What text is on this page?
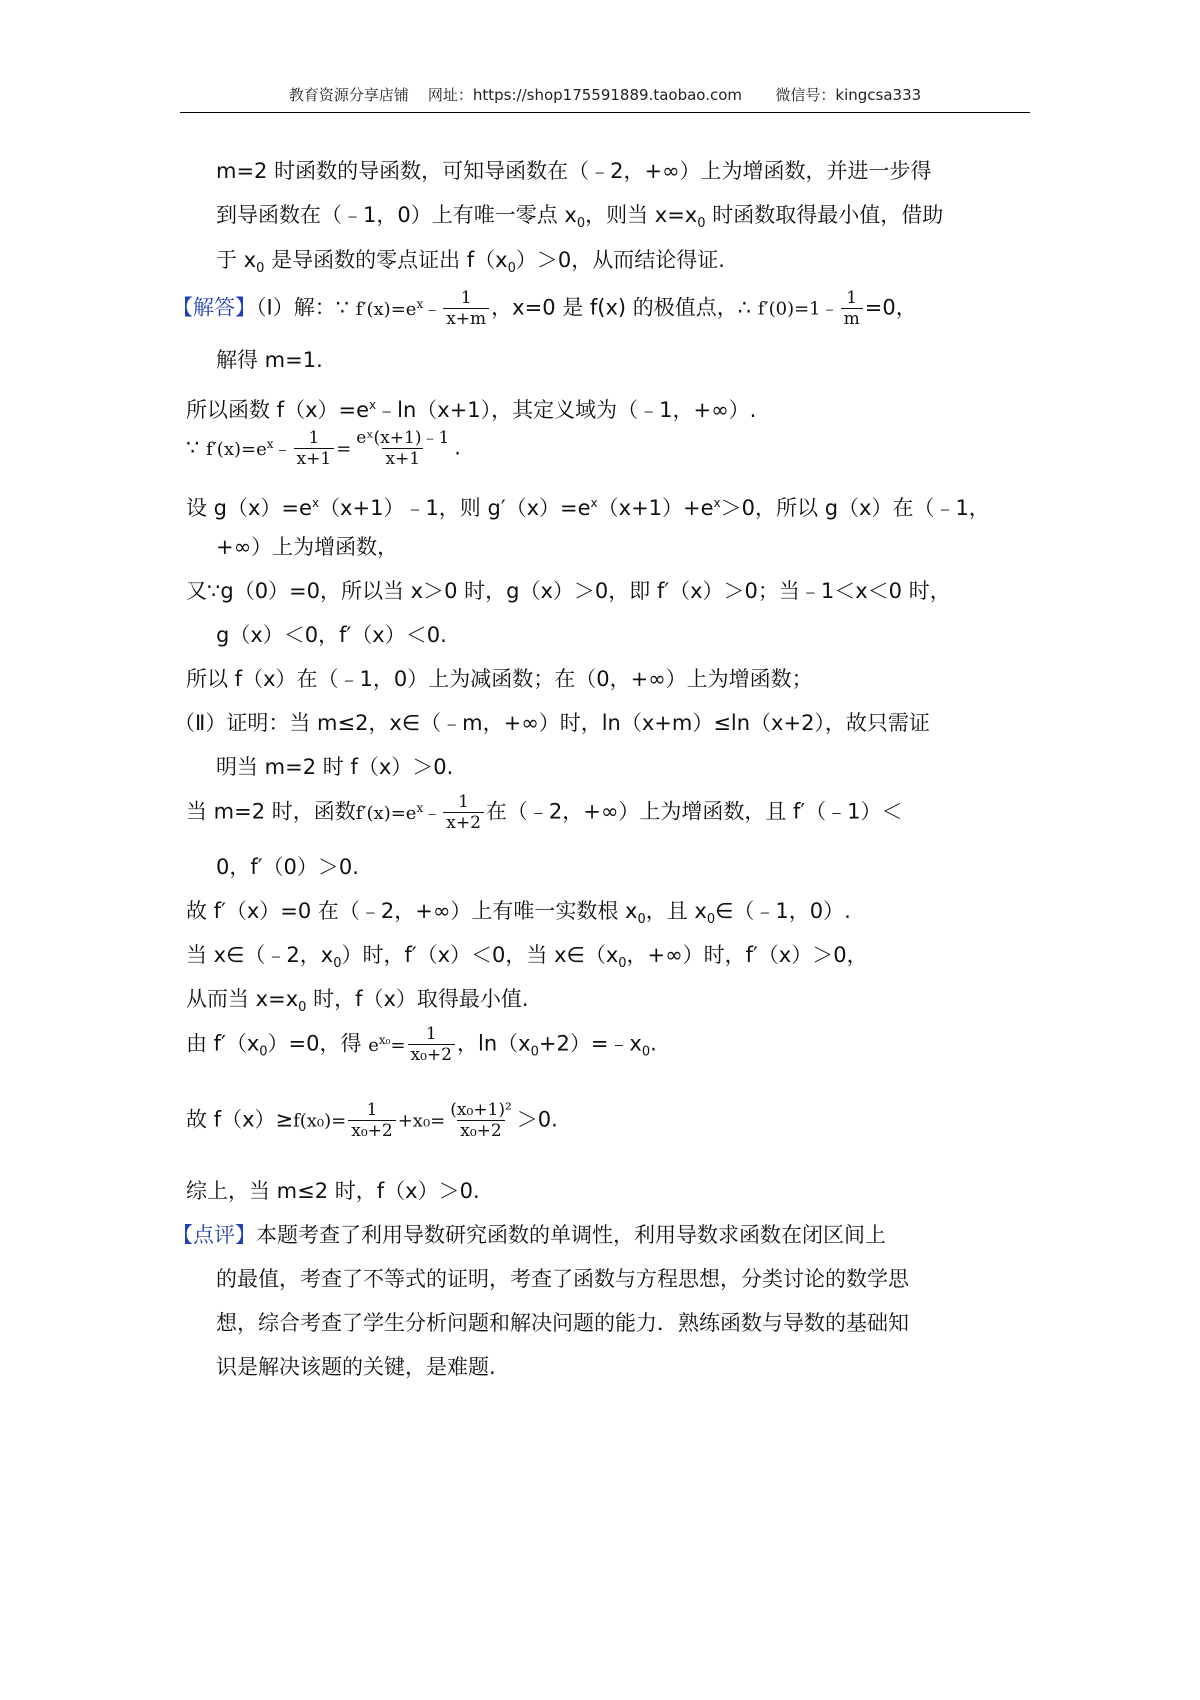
教育资源分享店铺    网址：https://shop175591889.taobao.com       微信号：kingcsa333
m=2 时函数的导函数，可知导函数在（﹣2，+∞）上为增函数，并进一步得
到导函数在（﹣1，0）上有唯一零点 $x_0$，则当 $x=x_0$ 时函数取得最小值，借助
于 $x_0$ 是导函数的零点证出 $f(x_0)>0$，从而结论得证.
【解答】（Ⅰ）解：∵ $f'(x)=e^x﹣ \frac{1}{x+m}$ ，x=0 是 f(x) 的极值点，∴ f′(0)=1﹣ $\frac{1}{m} =0$，
解得 m=1.
所以函数 $f(x)=e^x﹣\ln(x+1)$，其定义域为（﹣1，+∞）.
∵ $f'(x)=e^x﹣ \frac{1}{x+1} = \frac{\text{eˣ(x+1)﹣1}}{x+1}$ .
设 $g(x)=e^x(x+1)﹣1$，则 $g'(x)=e^x(x+1)+e^x>0$，所以 g（x）在（﹣1，
+∞）上为增函数，
又∵g（0）=0，所以当 x＞0 时，g（x）＞0，即 f′（x）＞0；当﹣1＜x＜0 时，
g（x）＜0，f′（x）＜0.
所以 f（x）在（﹣1，0）上为减函数；在（0，+∞）上为增函数；
（Ⅱ）证明：当 m≤2，x∈（﹣m，+∞）时，ln（x+m）≤ln（x+2），故只需证
明当 m=2 时 f（x）＞0.
当 m=2 时，函数$f'(x)=e^x﹣ \frac{1}{x+2}$ 在（﹣2，+∞）上为增函数，且 f′（﹣1）＜
0，f′（0）＞0.
故 f′（x）=0 在（﹣2，+∞）上有唯一实数根 $x_0$，且 $x_0\in(﹣1$，0）.
当 x∈（﹣2，$x_0$）时，f′（x）＜0，当 $x\in(x_0$，+∞）时，f′（x）＞0，
从而当 $x=x_0$ 时，f（x）取得最小值.
由 $f'(x_0)=0$，得 $e^{x_0}= \frac{1}{\text{x₀+2}}$ ，$\ln(x_0+2)=﹣x_0$.
故 $f(x)\ge f(x_0)= \frac{1}{\text{x₀+2}} +x_0= \frac{\text{(x₀+1)²}}{\text{x₀+2}} >0$.
综上，当 m≤2 时，f（x）＞0.
【点评】本题考查了利用导数研究函数的单调性，利用导数求函数在闭区间上
的最值，考查了不等式的证明，考查了函数与方程思想，分类讨论的数学思
想，综合考查了学生分析问题和解决问题的能力．熟练函数与导数的基础知
识是解决该题的关键，是难题.
